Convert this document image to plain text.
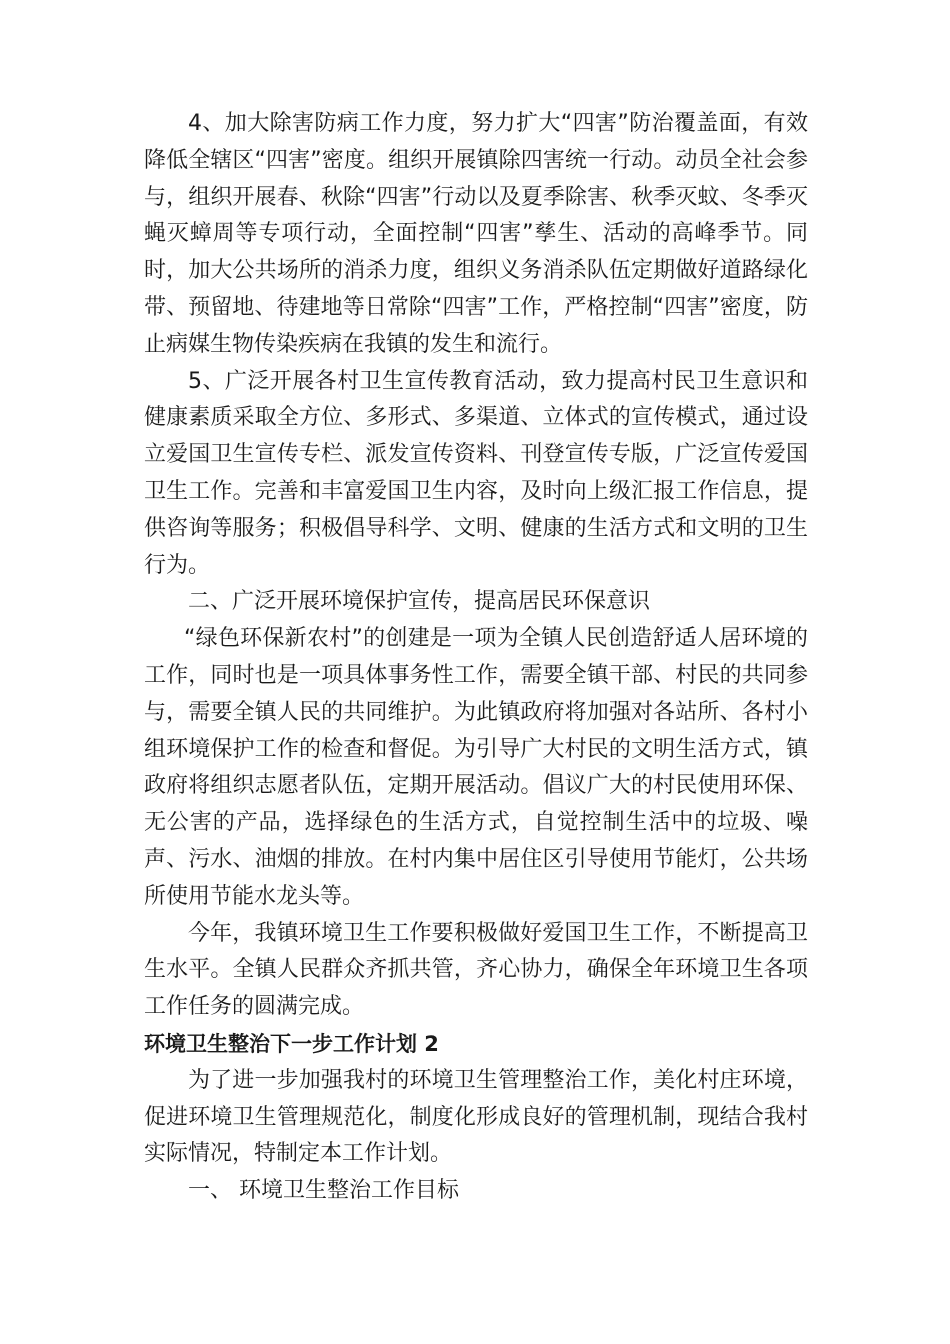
4、加大除害防病工作力度，努力扩大“四害”防治覆盖面，有效降低全辖区“四害”密度。组织开展镇除四害统一行动。动员全社会参与，组织开展春、秋除“四害”行动以及夏季除害、秋季灭蚊、冬季灭蝇灭蟑周等专项行动，全面控制“四害”孳生、活动的高峰季节。同时，加大公共场所的消杀力度，组织义务消杀队伍定期做好道路绿化带、预留地、待建地等日常除“四害”工作，严格控制“四害”密度，防止病媒生物传染疾病在我镇的发生和流行。

5、广泛开展各村卫生宣传教育活动，致力提高村民卫生意识和健康素质采取全方位、多形式、多渠道、立体式的宣传模式，通过设立爱国卫生宣传专栏、派发宣传资料、刊登宣传专版，广泛宣传爱国卫生工作。完善和丰富爱国卫生内容，及时向上级汇报工作信息，提供咨询等服务；积极倡导科学、文明、健康的生活方式和文明的卫生行为。

二、广泛开展环境保护宣传，提高居民环保意识

“绿色环保新农村”的创建是一项为全镇人民创造舒适人居环境的工作，同时也是一项具体事务性工作，需要全镇干部、村民的共同参与，需要全镇人民的共同维护。为此镇政府将加强对各站所、各村小组环境保护工作的检查和督促。为引导广大村民的文明生活方式，镇政府将组织志愿者队伍，定期开展活动。倡议广大的村民使用环保、无公害的产品，选择绿色的生活方式，自觉控制生活中的垃圾、噪声、污水、油烟的排放。在村内集中居住区引导使用节能灯，公共场所使用节能水龙头等。

今年，我镇环境卫生工作要积极做好爱国卫生工作，不断提高卫生水平。全镇人民群众齐抓共管，齐心协力，确保全年环境卫生各项工作任务的圆满完成。

环境卫生整治下一步工作计划 2

为了进一步加强我村的环境卫生管理整治工作，美化村庄环境，促进环境卫生管理规范化，制度化形成良好的管理机制，现结合我村实际情况，特制定本工作计划。

一、 环境卫生整治工作目标
